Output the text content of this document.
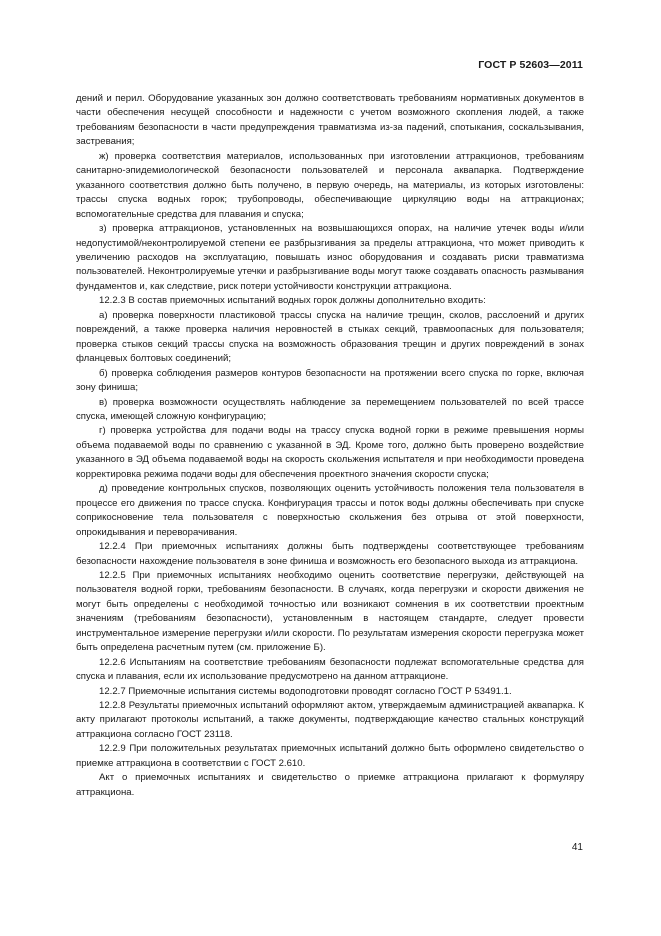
ГОСТ Р 52603—2011

дений и перил. Оборудование указанных зон должно соответствовать требованиям нормативных документов в части обеспечения несущей способности и надежности с учетом возможного скопления людей, а также требованиям безопасности в части предупреждения травматизма из-за падений, спотыкания, соскальзывания, застревания;

ж) проверка соответствия материалов, использованных при изготовлении аттракционов, требованиям санитарно-эпидемиологической безопасности пользователей и персонала аквапарка. Подтверждение указанного соответствия должно быть получено, в первую очередь, на материалы, из которых изготовлены: трассы спуска водных горок; трубопроводы, обеспечивающие циркуляцию воды на аттракционах; вспомогательные средства для плавания и спуска;

з) проверка аттракционов, установленных на возвышающихся опорах, на наличие утечек воды и/или недопустимой/неконтролируемой степени ее разбрызгивания за пределы аттракциона, что может приводить к увеличению расходов на эксплуатацию, повышать износ оборудования и создавать риски травматизма пользователей. Неконтролируемые утечки и разбрызгивание воды могут также создавать опасность размывания фундаментов и, как следствие, риск потери устойчивости конструкции аттракциона.

12.2.3 В состав приемочных испытаний водных горок должны дополнительно входить:

а) проверка поверхности пластиковой трассы спуска на наличие трещин, сколов, расслоений и других повреждений, а также проверка наличия неровностей в стыках секций, травмоопасных для пользователя; проверка стыков секций трассы спуска на возможность образования трещин и других повреждений в зонах фланцевых болтовых соединений;

б) проверка соблюдения размеров контуров безопасности на протяжении всего спуска по горке, включая зону финиша;

в) проверка возможности осуществлять наблюдение за перемещением пользователей по всей трассе спуска, имеющей сложную конфигурацию;

г) проверка устройства для подачи воды на трассу спуска водной горки в режиме превышения нормы объема подаваемой воды по сравнению с указанной в ЭД. Кроме того, должно быть проверено воздействие указанного в ЭД объема подаваемой воды на скорость скольжения испытателя и при необходимости проведена корректировка режима подачи воды для обеспечения проектного значения скорости спуска;

д) проведение контрольных спусков, позволяющих оценить устойчивость положения тела пользователя в процессе его движения по трассе спуска. Конфигурация трассы и поток воды должны обеспечивать при спуске соприкосновение тела пользователя с поверхностью скольжения без отрыва от этой поверхности, опрокидывания и переворачивания.

12.2.4 При приемочных испытаниях должны быть подтверждены соответствующее требованиям безопасности нахождение пользователя в зоне финиша и возможность его безопасного выхода из аттракциона.

12.2.5 При приемочных испытаниях необходимо оценить соответствие перегрузки, действующей на пользователя водной горки, требованиям безопасности. В случаях, когда перегрузки и скорости движения не могут быть определены с необходимой точностью или возникают сомнения в их соответствии проектным значениям (требованиям безопасности), установленным в настоящем стандарте, следует провести инструментальное измерение перегрузки и/или скорости. По результатам измерения скорости перегрузка может быть определена расчетным путем (см. приложение Б).

12.2.6 Испытаниям на соответствие требованиям безопасности подлежат вспомогательные средства для спуска и плавания, если их использование предусмотрено на данном аттракционе.

12.2.7 Приемочные испытания системы водоподготовки проводят согласно ГОСТ Р 53491.1.

12.2.8 Результаты приемочных испытаний оформляют актом, утверждаемым администрацией аквапарка. К акту прилагают протоколы испытаний, а также документы, подтверждающие качество стальных конструкций аттракциона согласно ГОСТ 23118.

12.2.9 При положительных результатах приемочных испытаний должно быть оформлено свидетельство о приемке аттракциона в соответствии с ГОСТ 2.610.

Акт о приемочных испытаниях и свидетельство о приемке аттракциона прилагают к формуляру аттракциона.

41
